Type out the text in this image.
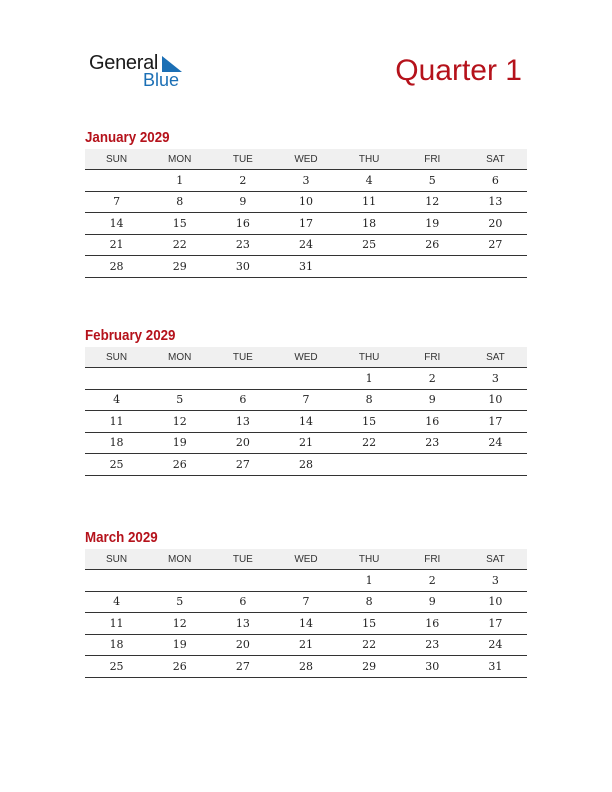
General
Blue	Quarter 1
January 2029
SUN	MON	TUE	WED	THU	FRI	SAT
	1	2	3	4	5	6
7	8	9	10	11	12	13
14	15	16	17	18	19	20
21	22	23	24	25	26	27
28	29	30	31			
February 2029
SUN	MON	TUE	WED	THU	FRI	SAT
				1	2	3
4	5	6	7	8	9	10
11	12	13	14	15	16	17
18	19	20	21	22	23	24
25	26	27	28			
March 2029
SUN	MON	TUE	WED	THU	FRI	SAT
				1	2	3
4	5	6	7	8	9	10
11	12	13	14	15	16	17
18	19	20	21	22	23	24
25	26	27	28	29	30	31
